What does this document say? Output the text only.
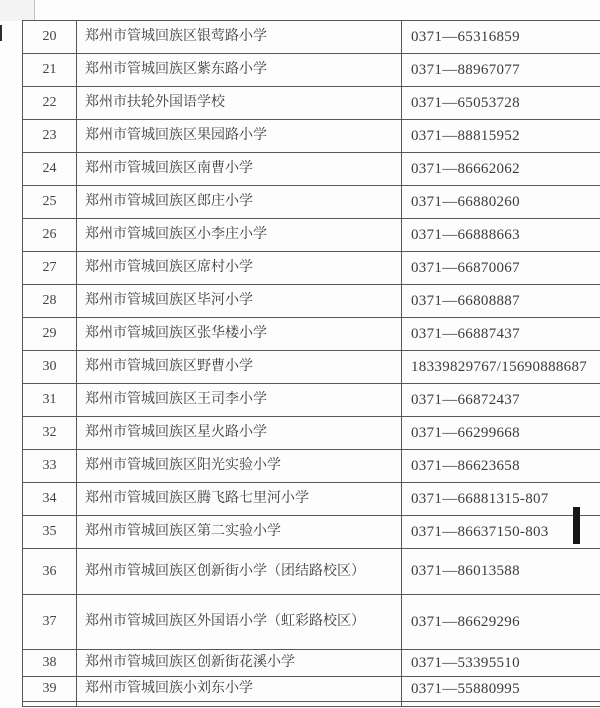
20	郑州市管城回族区银莺路小学	0371—65316859
21	郑州市管城回族区紫东路小学	0371—88967077
22	郑州市扶轮外国语学校	0371—65053728
23	郑州市管城回族区果园路小学	0371—88815952
24	郑州市管城回族区南曹小学	0371—86662062
25	郑州市管城回族区郎庄小学	0371—66880260
26	郑州市管城回族区小李庄小学	0371—66888663
27	郑州市管城回族区席村小学	0371—66870067
28	郑州市管城回族区毕河小学	0371—66808887
29	郑州市管城回族区张华楼小学	0371—66887437
30	郑州市管城回族区野曹小学	18339829767/15690888687
31	郑州市管城回族区王司李小学	0371—66872437
32	郑州市管城回族区星火路小学	0371—66299668
33	郑州市管城回族区阳光实验小学	0371—86623658
34	郑州市管城回族区腾飞路七里河小学	0371—66881315-807
35	郑州市管城回族区第二实验小学	0371—86637150-803
36	郑州市管城回族区创新街小学（团结路校区）	0371—86013588
37	郑州市管城回族区外国语小学（虹彩路校区）	0371—86629296
38	郑州市管城回族区创新街花溪小学	0371—53395510
39	郑州市管城回族小刘东小学	0371—55880995
